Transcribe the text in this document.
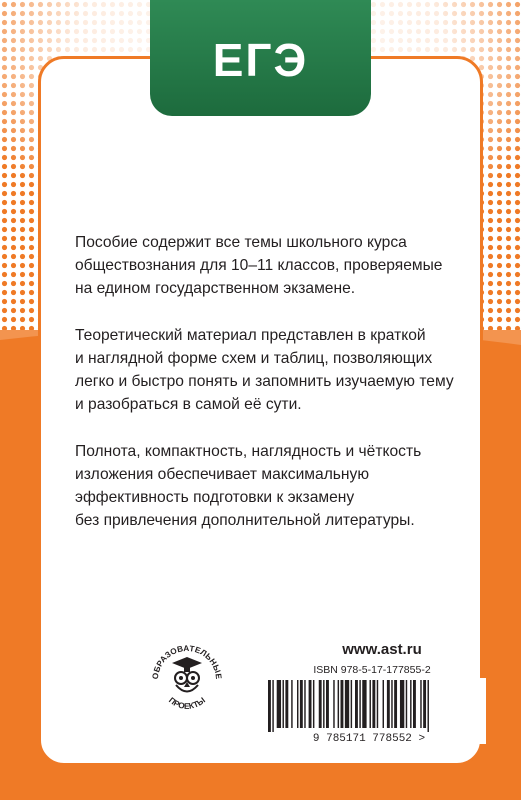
ЕГЭ

Пособие содержит все темы школьного курса
обществознания для 10–11 классов, проверяемые
на едином государственном экзамене.

Теоретический материал представлен в краткой
и наглядной форме схем и таблиц, позволяющих
легко и быстро понять и запомнить изучаемую тему
и разобраться в самой её сути.

Полнота, компактность, наглядность и чёткость
изложения обеспечивает максимальную
эффективность подготовки к экзамену
без привлечения дополнительной литературы.

ОБРАЗОВАТЕЛЬНЫЕ
ПРОЕКТЫ
www.ast.ru
ISBN 978-5-17-177855-2
9 785171 778552 >
